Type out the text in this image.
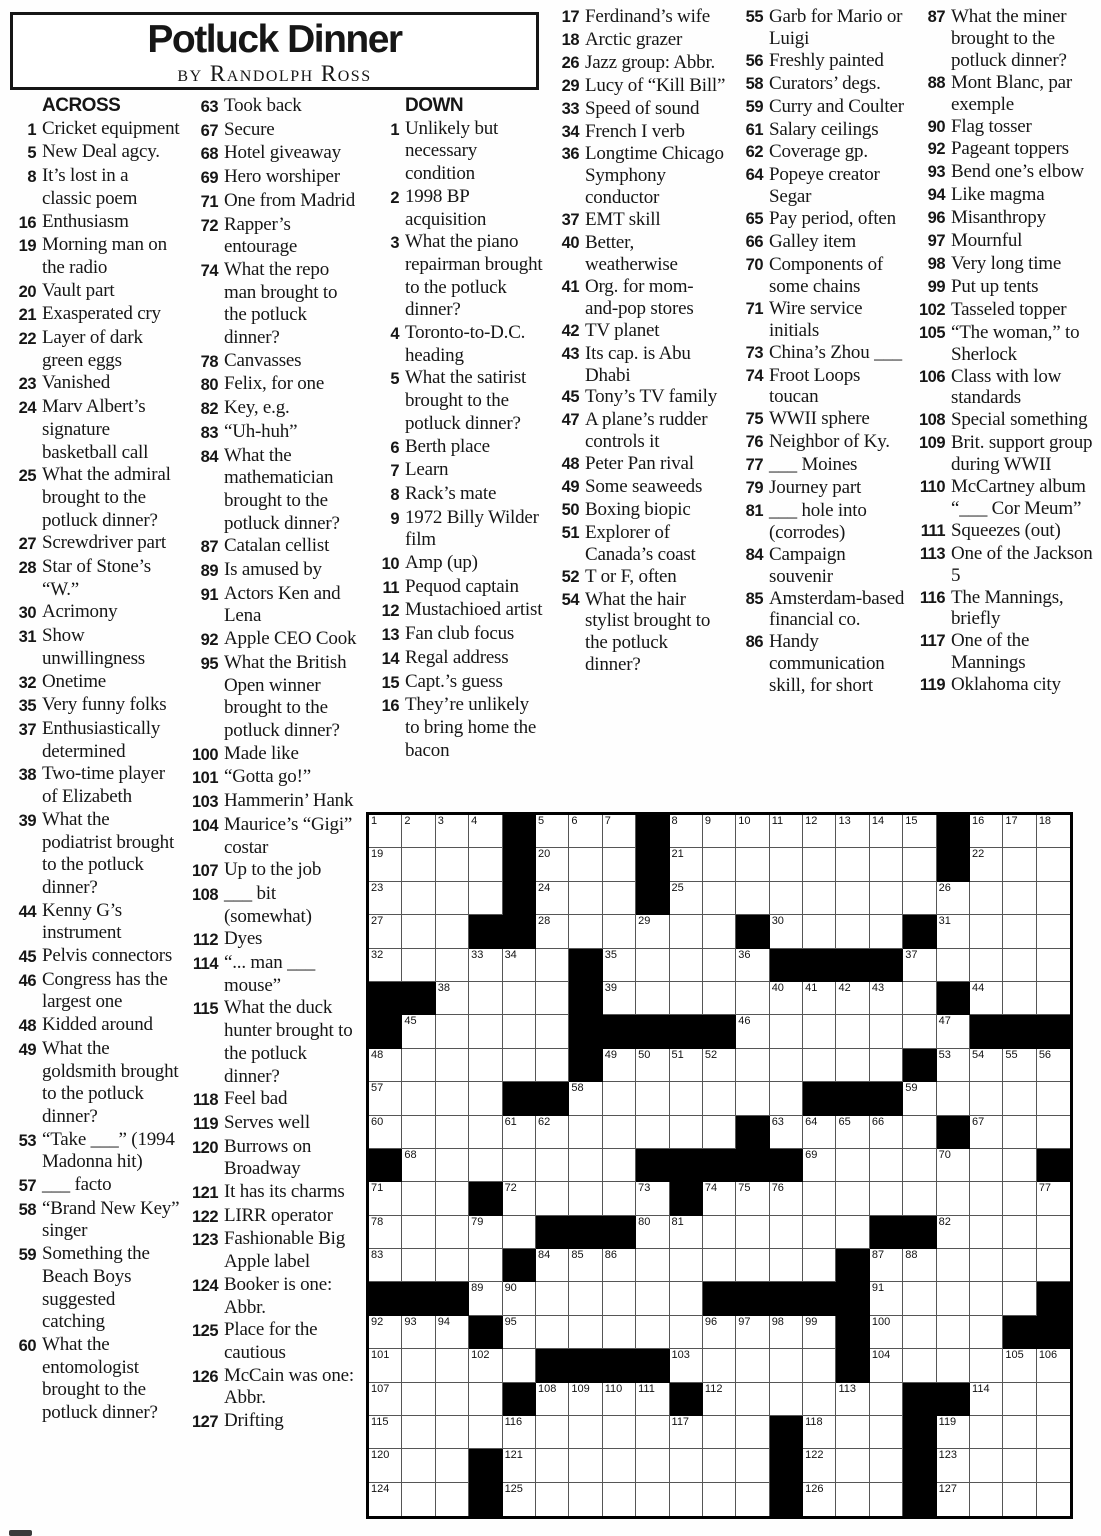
Potluck Dinner
by Randolph Ross
ACROSS
1 Cricket equipment
5 New Deal agcy.
8 It’s lost in a classic poem
16 Enthusiasm
19 Morning man on the radio
20 Vault part
21 Exasperated cry
22 Layer of dark green eggs
23 Vanished
24 Marv Albert’s signature basketball call
25 What the admiral brought to the potluck dinner?
27 Screwdriver part
28 Star of Stone’s “W.”
30 Acrimony
31 Show unwillingness
32 Onetime
35 Very funny folks
37 Enthusiastically determined
38 Two-time player of Elizabeth
39 What the podiatrist brought to the potluck dinner?
44 Kenny G’s instrument
45 Pelvis connectors
46 Congress has the largest one
48 Kidded around
49 What the goldsmith brought to the potluck dinner?
53 “Take ___” (1994 Madonna hit)
57 ___ facto
58 “Brand New Key” singer
59 Something the Beach Boys suggested catching
60 What the entomologist brought to the potluck dinner?
63 Took back
67 Secure
68 Hotel giveaway
69 Hero worshiper
71 One from Madrid
72 Rapper’s entourage
74 What the repo man brought to the potluck dinner?
78 Canvasses
80 Felix, for one
82 Key, e.g.
83 “Uh-huh”
84 What the mathematician brought to the potluck dinner?
87 Catalan cellist
89 Is amused by
91 Actors Ken and Lena
92 Apple CEO Cook
95 What the British Open winner brought to the potluck dinner?
100 Made like
101 “Gotta go!”
103 Hammerin’ Hank
104 Maurice’s “Gigi” costar
107 Up to the job
108 ___ bit (somewhat)
112 Dyes
114 “... man ___ mouse”
115 What the duck hunter brought to the potluck dinner?
118 Feel bad
119 Serves well
120 Burrows on Broadway
121 It has its charms
122 LIRR operator
123 Fashionable Big Apple label
124 Booker is one: Abbr.
125 Place for the cautious
126 McCain was one: Abbr.
127 Drifting
DOWN
1 Unlikely but necessary condition
2 1998 BP acquisition
3 What the piano repairman brought to the potluck dinner?
4 Toronto-to-D.C. heading
5 What the satirist brought to the potluck dinner?
6 Berth place
7 Learn
8 Rack’s mate
9 1972 Billy Wilder film
10 Amp (up)
11 Pequod captain
12 Mustachioed artist
13 Fan club focus
14 Regal address
15 Capt.’s guess
16 They’re unlikely to bring home the bacon
17 Ferdinand’s wife
18 Arctic grazer
26 Jazz group: Abbr.
29 Lucy of “Kill Bill”
33 Speed of sound
34 French I verb
36 Longtime Chicago Symphony conductor
37 EMT skill
40 Better, weatherwise
41 Org. for mom-and-pop stores
42 TV planet
43 Its cap. is Abu Dhabi
45 Tony’s TV family
47 A plane’s rudder controls it
48 Peter Pan rival
49 Some seaweeds
50 Boxing biopic
51 Explorer of Canada’s coast
52 T or F, often
54 What the hair stylist brought to the potluck dinner?
55 Garb for Mario or Luigi
56 Freshly painted
58 Curators’ degs.
59 Curry and Coulter
61 Salary ceilings
62 Coverage gp.
64 Popeye creator Segar
65 Pay period, often
66 Galley item
70 Components of some chains
71 Wire service initials
73 China’s Zhou ___
74 Froot Loops toucan
75 WWII sphere
76 Neighbor of Ky.
77 ___ Moines
79 Journey part
81 ___ hole into (corrodes)
84 Campaign souvenir
85 Amsterdam-based financial co.
86 Handy communication skill, for short
87 What the miner brought to the potluck dinner?
88 Mont Blanc, par exemple
90 Flag tosser
92 Pageant toppers
93 Bend one’s elbow
94 Like magma
96 Misanthropy
97 Mournful
98 Very long time
99 Put up tents
102 Tasseled topper
105 “The woman,” to Sherlock
106 Class with low standards
108 Special something
109 Brit. support group during WWII
110 McCartney album “___ Cor Meum”
111 Squeezes (out)
113 One of the Jackson 5
116 The Mannings, briefly
117 One of the Mannings
119 Oklahoma city
1 2 3 4	5 6 7	8 9 10 11 12 13 14 15	16 17 18
19	20	21	22
23	24	25	26
27	28	29	30	31
32	33 34	35	36	37
38	39	40 41 42 43	44
45	46	47
48	49 50 51 52	53 54 55 56
57	58	59
60	61 62	63 64 65 66	67
68	69	70
71	72	73	74 75 76	77
78	79	80 81	82
83	84 85 86	87 88
89 90	91
92 93 94	95	96 97 98 99	100
101	102	103	104	105 106
107	108 109 110 111	112	113	114
115	116	117	118	119
120	121	122	123
124	125	126	127
